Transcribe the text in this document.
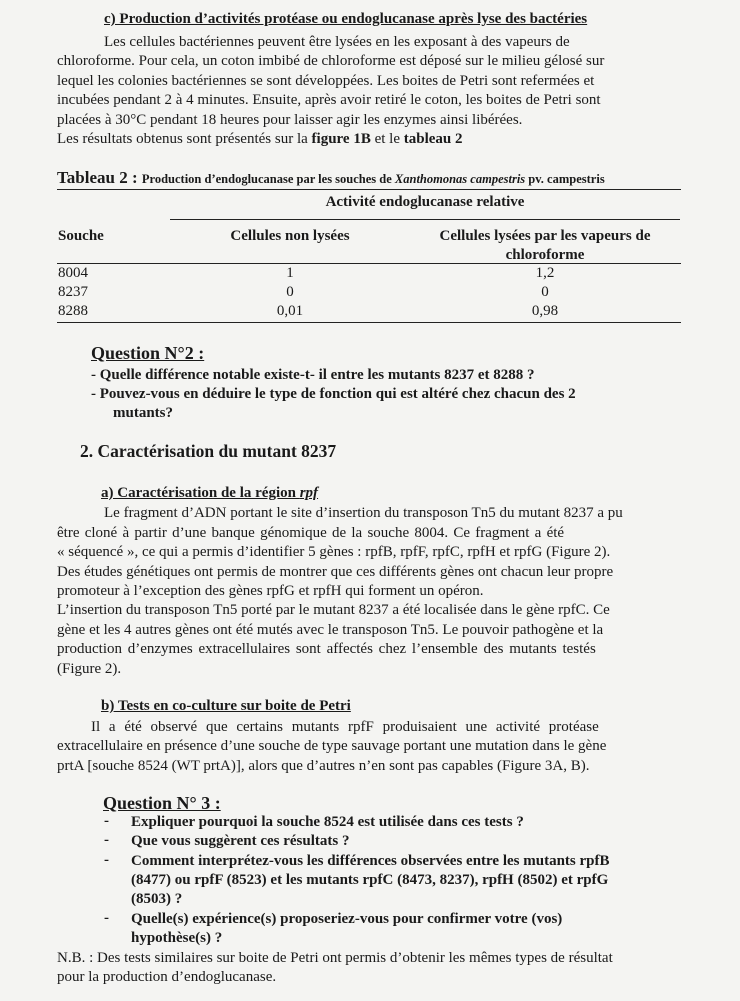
c) Production d’activités protéase ou endoglucanase après lyse des bactéries
Les cellules bactériennes peuvent être lysées en les exposant à des vapeurs de
chloroforme. Pour cela, un coton imbibé de chloroforme est déposé sur le milieu gélosé sur
lequel les colonies bactériennes se sont développées. Les boites de Petri sont refermées et
incubées pendant 2 à 4 minutes. Ensuite, après avoir retiré le coton, les boites de Petri sont
placées à 30°C pendant 18 heures pour laisser agir les enzymes ainsi libérées.
Les résultats obtenus sont présentés sur la figure 1B et le tableau 2
Tableau 2 : Production d’endoglucanase par les souches de Xanthomonas campestris pv. campestris
Activité endoglucanase relative
Souche	Cellules non lysées	Cellules lysées par les vapeurs de
chloroforme
8004	1	1,2
8237	0	0
8288	0,01	0,98
Question N°2 :
- Quelle différence notable existe-t- il entre les mutants 8237 et 8288 ?
- Pouvez-vous en déduire le type de fonction qui est altéré chez chacun des 2
mutants?
2. Caractérisation du mutant 8237
a) Caractérisation de la région rpf
Le fragment d’ADN portant le site d’insertion du transposon Tn5 du mutant 8237 a pu
être cloné à partir d’une banque génomique de la souche 8004. Ce fragment a été
« séquencé », ce qui a permis d’identifier 5 gènes : rpfB, rpfF, rpfC, rpfH et rpfG (Figure 2).
Des études génétiques ont permis de montrer que ces différents gènes ont chacun leur propre
promoteur à l’exception des gènes rpfG et rpfH qui forment un opéron.
L’insertion du transposon Tn5 porté par le mutant 8237 a été localisée dans le gène rpfC. Ce
gène et les 4 autres gènes ont été mutés avec le transposon Tn5. Le pouvoir pathogène et la
production d’enzymes extracellulaires sont affectés chez l’ensemble des mutants testés
(Figure 2).
b) Tests en co-culture sur boite de Petri
Il a été observé que certains mutants rpfF produisaient une activité protéase
extracellulaire en présence d’une souche de type sauvage portant une mutation dans le gène
prtA [souche 8524 (WT prtA)], alors que d’autres n’en sont pas capables (Figure 3A, B).
Question N° 3 :
- Expliquer pourquoi la souche 8524 est utilisée dans ces tests ?
- Que vous suggèrent ces résultats ?
- Comment interprétez-vous les différences observées entre les mutants rpfB
(8477) ou rpfF (8523) et les mutants rpfC (8473, 8237), rpfH (8502) et rpfG
(8503) ?
- Quelle(s) expérience(s) proposeriez-vous pour confirmer votre (vos)
hypothèse(s) ?
N.B. : Des tests similaires sur boite de Petri ont permis d’obtenir les mêmes types de résultat
pour la production d’endoglucanase.
